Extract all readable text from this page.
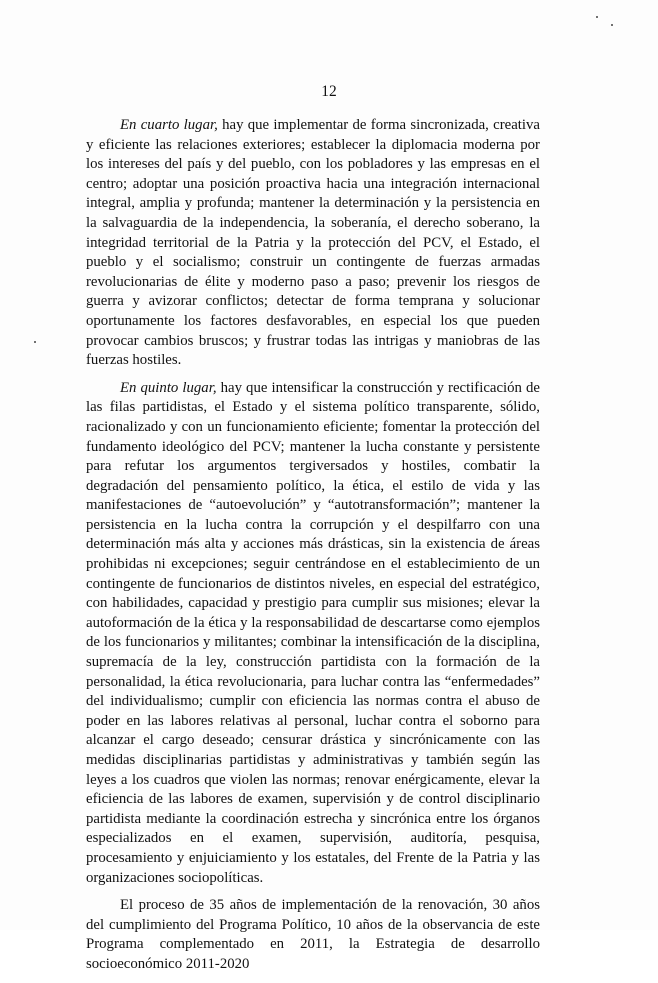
12

En cuarto lugar, hay que implementar de forma sincronizada, creativa y eficiente las relaciones exteriores; establecer la diplomacia moderna por los intereses del país y del pueblo, con los pobladores y las empresas en el centro; adoptar una posición proactiva hacia una integración internacional integral, amplia y profunda; mantener la determinación y la persistencia en la salvaguardia de la independencia, la soberanía, el derecho soberano, la integridad territorial de la Patria y la protección del PCV, el Estado, el pueblo y el socialismo; construir un contingente de fuerzas armadas revolucionarias de élite y moderno paso a paso; prevenir los riesgos de guerra y avizorar conflictos; detectar de forma temprana y solucionar oportunamente los factores desfavorables, en especial los que pueden provocar cambios bruscos; y frustrar todas las intrigas y maniobras de las fuerzas hostiles.

En quinto lugar, hay que intensificar la construcción y rectificación de las filas partidistas, el Estado y el sistema político transparente, sólido, racionalizado y con un funcionamiento eficiente; fomentar la protección del fundamento ideológico del PCV; mantener la lucha constante y persistente para refutar los argumentos tergiversados y hostiles, combatir la degradación del pensamiento político, la ética, el estilo de vida y las manifestaciones de “autoevolución” y “autotransformación”; mantener la persistencia en la lucha contra la corrupción y el despilfarro con una determinación más alta y acciones más drásticas, sin la existencia de áreas prohibidas ni excepciones; seguir centrándose en el establecimiento de un contingente de funcionarios de distintos niveles, en especial del estratégico, con habilidades, capacidad y prestigio para cumplir sus misiones; elevar la autoformación de la ética y la responsabilidad de descartarse como ejemplos de los funcionarios y militantes; combinar la intensificación de la disciplina, supremacía de la ley, construcción partidista con la formación de la personalidad, la ética revolucionaria, para luchar contra las “enfermedades” del individualismo; cumplir con eficiencia las normas contra el abuso de poder en las labores relativas al personal, luchar contra el soborno para alcanzar el cargo deseado; censurar drástica y sincrónicamente con las medidas disciplinarias partidistas y administrativas y también según las leyes a los cuadros que violen las normas; renovar enérgicamente, elevar la eficiencia de las labores de examen, supervisión y de control disciplinario partidista mediante la coordinación estrecha y sincrónica entre los órganos especializados en el examen, supervisión, auditoría, pesquisa, procesamiento y enjuiciamiento y los estatales, del Frente de la Patria y las organizaciones sociopolíticas.

El proceso de 35 años de implementación de la renovación, 30 años del cumplimiento del Programa Político, 10 años de la observancia de este Programa complementado en 2011, la Estrategia de desarrollo socioeconómico 2011-2020
